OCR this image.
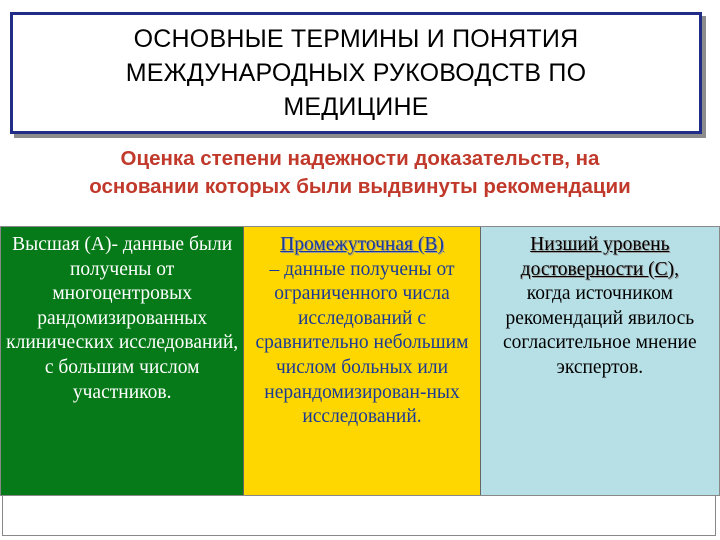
ОСНОВНЫЕ ТЕРМИНЫ И ПОНЯТИЯ
МЕЖДУНАРОДНЫХ РУКОВОДСТВ ПО
МЕДИЦИНЕ
Оценка степени надежности доказательств, на
основании которых были выдвинуты рекомендации
Высшая (А)- данные были получены от многоцентровых рандомизированных клинических исследований, с большим числом участников.
Промежуточная (В)
– данные получены от ограниченного числа исследований с сравнительно небольшим числом больных или нерандомизирован-ных исследований.
Низший уровень достоверности (С),
когда источником рекомендаций явилось согласительное мнение экспертов.
